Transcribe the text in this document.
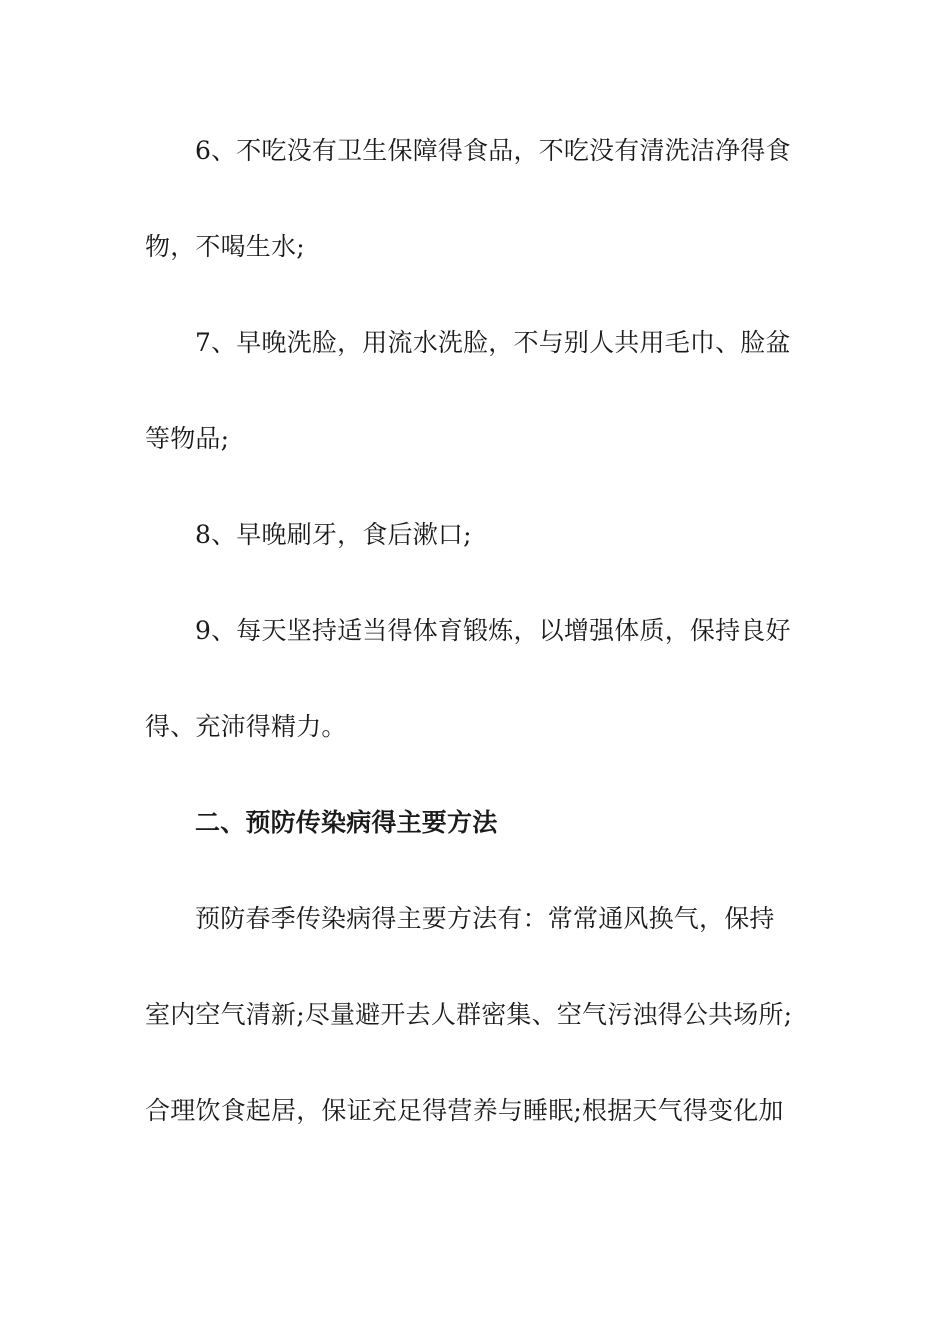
6、不吃没有卫生保障得食品，不吃没有清洗洁净得食
物，不喝生水;
7、早晚洗脸，用流水洗脸，不与别人共用毛巾、脸盆
等物品;
8、早晚刷牙，食后漱口;
9、每天坚持适当得体育锻炼，以增强体质，保持良好
得、充沛得精力。
二、预防传染病得主要方法
预防春季传染病得主要方法有：常常通风换气，保持
室内空气清新;尽量避开去人群密集、空气污浊得公共场所;
合理饮食起居，保证充足得营养与睡眠;根据天气得变化加
